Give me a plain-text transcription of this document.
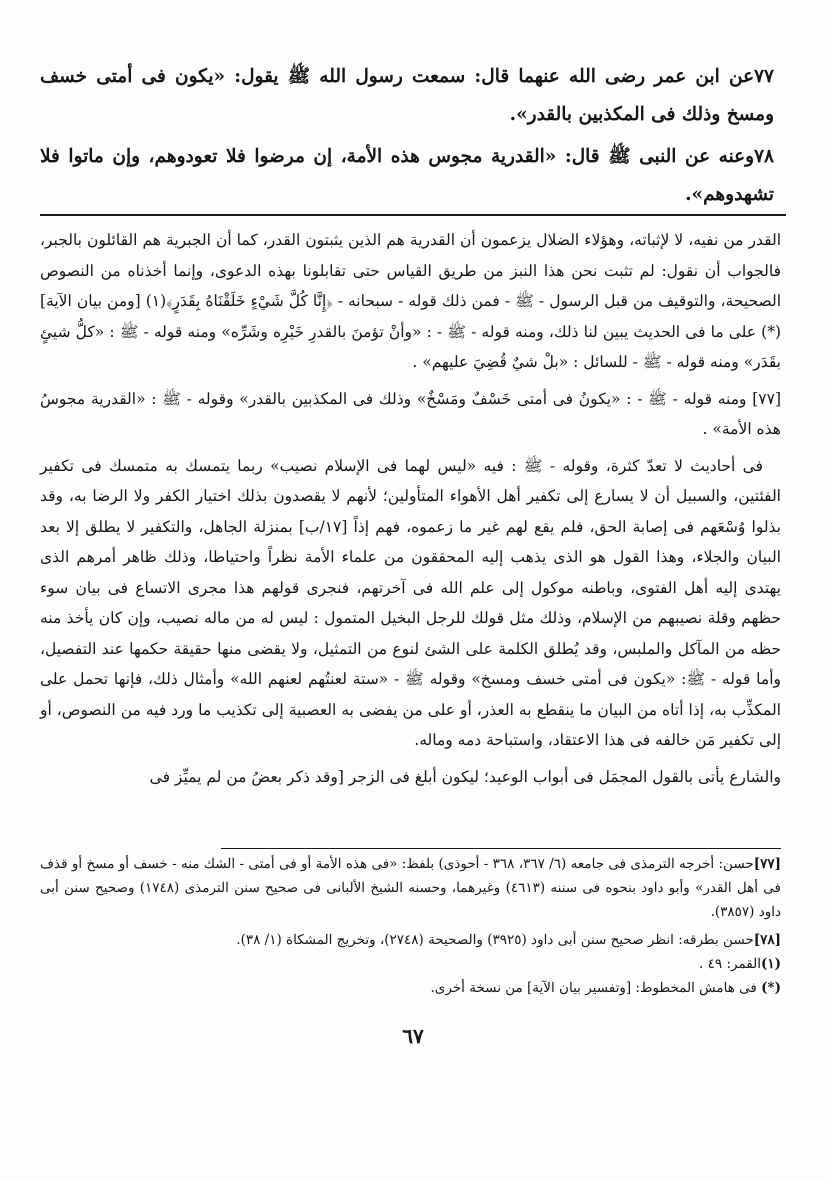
٧٧عن ابن عمر رضى الله عنهما قال: سمعت رسول الله ﷺ يقول: «يكون فى أمتى خسف ومسخ وذلك فى المكذبين بالقدر».
٧٨وعنه عن النبى ﷺ قال: «القدرية مجوس هذه الأمة، إن مرضوا فلا تعودوهم، وإن ماتوا فلا تشهدوهم».

القدر من نفيه، لا لإثباته، وهؤلاء الضلال يزعمون أن القدرية هم الذين يثبتون القدر، كما أن الجبرية هم القائلون بالجبر، فالجواب أن نقول: لم تثبت نحن هذا النبز من طريق القياس حتى تقابلونا بهذه الدعوى، وإنما أخذناه من النصوص الصحيحة، والتوقيف من قبل الرسول - ﷺ - فمن ذلك قوله - سبحانه - ﴿إِنَّا كُلَّ شَيْءٍ خَلَقْنَاهُ بِقَدَرٍ﴾(١) [ومن بيان الآية](*) على ما فى الحديث يبين لنا ذلك، ومنه قوله - ﷺ - : «وأنْ تؤمنَ بالقدرِ خَيْرِه وشَرِّه» ومنه قوله - ﷺ : «كلُّ شيئٍ بقَدَر» ومنه قوله - ﷺ - للسائل : «بلْ شيٌ قُضِيَ عليهم» .

[٧٧] ومنه قوله - ﷺ - : «يكونُ فى أمتى خَسْفٌ ومَسْخٌ» وذلك فى المكذبين بالقدر» وقوله - ﷺ : «القدرية مجوسُ هذه الأمة» .

فى أحاديث لا تعدّ كثرة، وقوله - ﷺ : فيه «ليس لهما فى الإسلام نصيب» ربما يتمسك به متمسك فى تكفير الفئتين، والسبيل أن لا يسارع إلى تكفير أهل الأهواء المتأولين؛ لأنهم لا يقصدون بذلك اختيار الكفر ولا الرضا به، وقد بذلوا وُسْعَهم فى إصابة الحق، فلم يقع لهم غير ما زعموه، فهم إذاً [١٧/ب] بمنزلة الجاهل، والتكفير لا يطلق إلا بعد البيان والجلاء، وهذا القول هو الذى يذهب إليه المحققون من علماء الأمة نظراً واحتياطا، وذلك ظاهر أمرهم الذى يهتدى إليه أهل الفتوى، وباطنه موكول إلى علم الله فى آخرتهم، فنجرى قولهم هذا مجرى الاتساع فى بيان سوء حظهم وقلة نصيبهم من الإسلام، وذلك مثل قولك للرجل البخيل المتمول : ليس له من ماله نصيب، وإن كان يأخذ منه حظه من المآكل والملبس، وقد يُطلق الكلمة على الشئ لنوع من التمثيل، ولا يقضى منها حقيقة حكمها عند التفصيل، وأما قوله - ﷺ: «يكون فى أمتى خسف ومسخ» وقوله ﷺ - «ستة لعنتُهم لعنهم الله» وأمثال ذلك، فإنها تحمل على المكذِّب به، إذا أتاه من البيان ما ينقطع به العذر، أو على من يفضى به العصبية إلى تكذيب ما ورد فيه من النصوص، أو إلى تكفير مَن خالفه فى هذا الاعتقاد، واستباحة دمه وماله.

والشارع يأتى بالقول المجمَل فى أبواب الوعيد؛ ليكون أبلغ فى الزجر [وقد ذكر بعضُ من لم يميِّز فى

[٧٧]حسن: أخرجه الترمذى فى جامعه (٦/ ٣٦٧، ٣٦٨ - أحوذى) بلفظ: «فى هذه الأمة أو فى أمتى - الشك منه - خسف أو مسخ أو قذف فى أهل القدر» وأبو داود بنحوه فى سننه (٤٦١٣) وغيرهما، وحسنه الشيخ الألبانى فى صحيح سنن الترمذى (١٧٤٨) وصحيح سنن أبى داود (٣٨٥٧).

[٧٨]حسن بطرقه: انظر صحيح سنن أبى داود (٣٩٢٥) والصحيحة (٢٧٤٨)، وتخريج المشكاة (١/ ٣٨).

(١)القمر: ٤٩ .

(*) فى هامش المخطوط: [وتفسير بيان الآية] من نسخة أخرى.

٦٧
